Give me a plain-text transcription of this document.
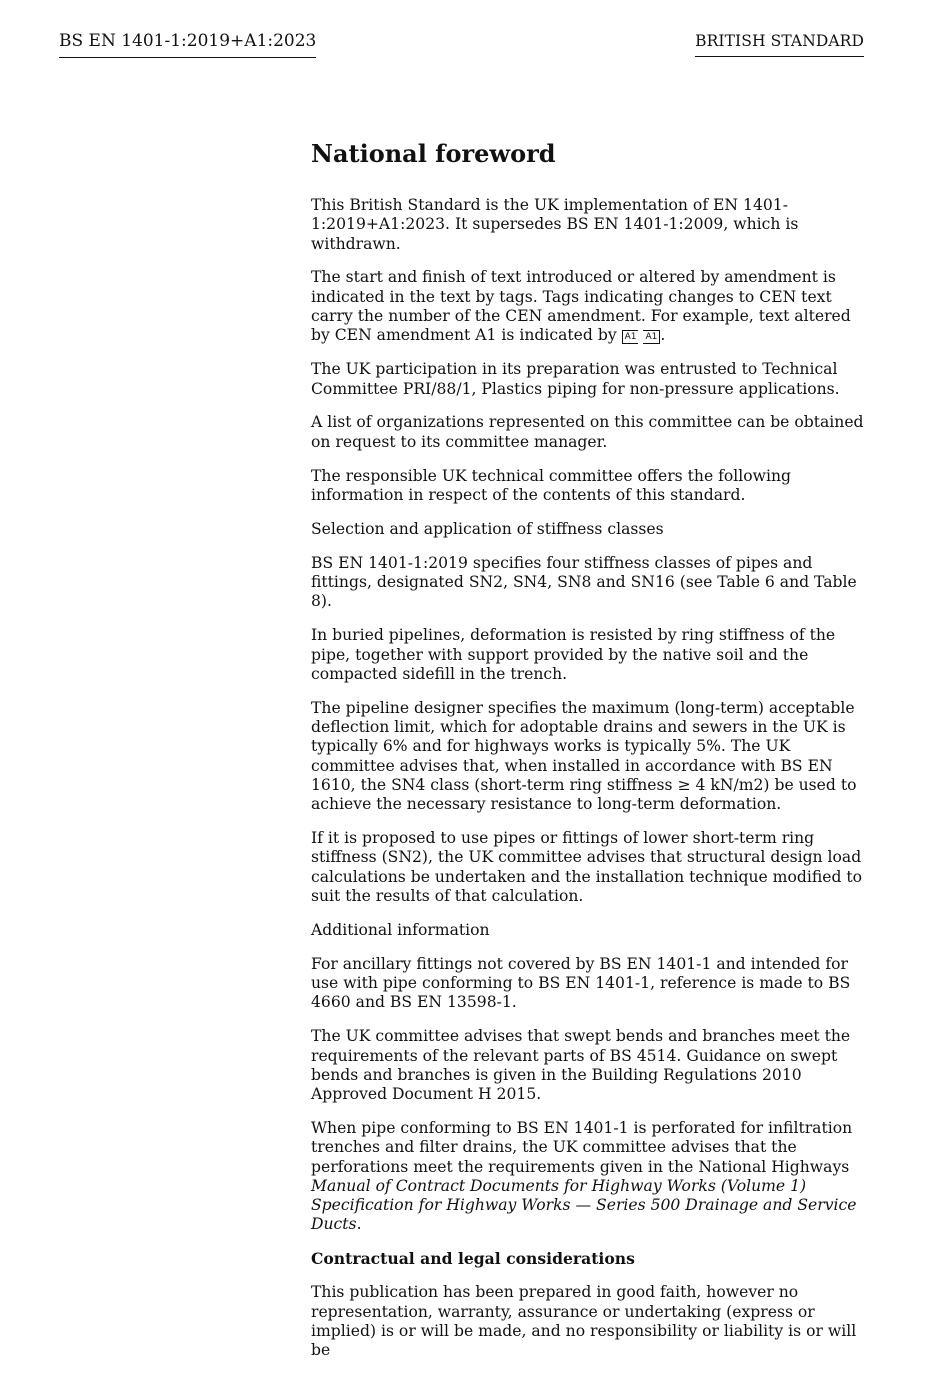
BS EN 1401-1:2019+A1:2023	BRITISH STANDARD
National foreword

This British Standard is the UK implementation of EN 1401-1:2019+A1:2023. It supersedes BS EN 1401-1:2009, which is withdrawn.

The start and finish of text introduced or altered by amendment is indicated in the text by tags. Tags indicating changes to CEN text carry the number of the CEN amendment. For example, text altered by CEN amendment A1 is indicated by A1 A1 .

The UK participation in its preparation was entrusted to Technical Committee PRI/88/1, Plastics piping for non-pressure applications.

A list of organizations represented on this committee can be obtained on request to its committee manager.

The responsible UK technical committee offers the following information in respect of the contents of this standard.

Selection and application of stiffness classes

BS EN 1401-1:2019 specifies four stiffness classes of pipes and fittings, designated SN2, SN4, SN8 and SN16 (see Table 6 and Table 8).

In buried pipelines, deformation is resisted by ring stiffness of the pipe, together with support provided by the native soil and the compacted sidefill in the trench.

The pipeline designer specifies the maximum (long-term) acceptable deflection limit, which for adoptable drains and sewers in the UK is typically 6% and for highways works is typically 5%. The UK committee advises that, when installed in accordance with BS EN 1610, the SN4 class (short-term ring stiffness ≥ 4 kN/m2) be used to achieve the necessary resistance to long-term deformation.

If it is proposed to use pipes or fittings of lower short-term ring stiffness (SN2), the UK committee advises that structural design load calculations be undertaken and the installation technique modified to suit the results of that calculation.

Additional information

For ancillary fittings not covered by BS EN 1401-1 and intended for use with pipe conforming to BS EN 1401-1, reference is made to BS 4660 and BS EN 13598-1.

The UK committee advises that swept bends and branches meet the requirements of the relevant parts of BS 4514. Guidance on swept bends and branches is given in the Building Regulations 2010 Approved Document H 2015.

When pipe conforming to BS EN 1401-1 is perforated for infiltration trenches and filter drains, the UK committee advises that the perforations meet the requirements given in the National Highways Manual of Contract Documents for Highway Works (Volume 1) Specification for Highway Works — Series 500 Drainage and Service Ducts.

Contractual and legal considerations

This publication has been prepared in good faith, however no representation, warranty, assurance or undertaking (express or implied) is or will be made, and no responsibility or liability is or will be
